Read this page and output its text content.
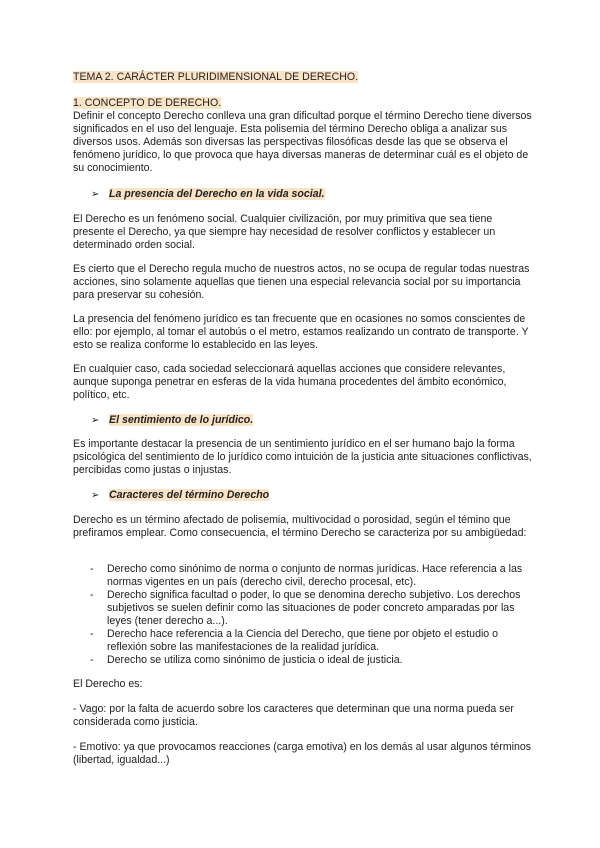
TEMA 2. CARÁCTER PLURIDIMENSIONAL DE DERECHO.
1. CONCEPTO DE DERECHO.

Definir el concepto Derecho conlleva una gran dificultad porque el término Derecho tiene diversos significados en el uso del lenguaje. Esta polisemia del término Derecho obliga a analizar sus diversos usos. Además son diversas las perspectivas filosóficas desde las que se observa el fenómeno jurídico, lo que provoca que haya diversas maneras de determinar cuál es el objeto de su conocimiento.

➢ La presencia del Derecho en la vida social.

El Derecho es un fenómeno social. Cualquier civilización, por muy primitiva que sea tiene presente el Derecho, ya que siempre hay necesidad de resolver conflictos y establecer un determinado orden social.

Es cierto que el Derecho regula mucho de nuestros actos, no se ocupa de regular todas nuestras acciones, sino solamente aquellas que tienen una especial relevancia social por su importancia para preservar su cohesión.

La presencia del fenómeno jurídico es tan frecuente que en ocasiones no somos conscientes de ello: por ejemplo, al tomar el autobús o el metro, estamos realizando un contrato de transporte. Y esto se realiza conforme lo establecido en las leyes.

En cualquier caso, cada sociedad seleccionará aquellas acciones que considere relevantes, aunque suponga penetrar en esferas de la vida humana procedentes del ámbito económico, político, etc.

➢ El sentimiento de lo jurídico.

Es importante destacar la presencia de un sentimiento jurídico en el ser humano bajo la forma psicológica del sentimiento de lo jurídico como intuición de la justicia ante situaciones conflictivas, percibidas como justas o injustas.

➢ Caracteres del término Derecho

Derecho es un término afectado de polisemia, multivocidad o porosidad, según el témino que prefiramos emplear. Como consecuencia, el término Derecho se caracteriza por su ambigüedad:

- Derecho como sinónimo de norma o conjunto de normas jurídicas. Hace referencia a las normas vigentes en un país (derecho civil, derecho procesal, etc).
- Derecho significa facultad o poder, lo que se denomina derecho subjetivo. Los derechos subjetivos se suelen definir como las situaciones de poder concreto amparadas por las leyes (tener derecho a...).
- Derecho hace referencia a la Ciencia del Derecho, que tiene por objeto el estudio o reflexión sobre las manifestaciones de la realidad jurídica.
- Derecho se utiliza como sinónimo de justicia o ideal de justicia.

El Derecho es:

- Vago: por la falta de acuerdo sobre los caracteres que determinan que una norma pueda ser considerada como justicia.

- Emotivo: ya que provocamos reacciones (carga emotiva) en los demás al usar algunos términos (libertad, igualdad...)
